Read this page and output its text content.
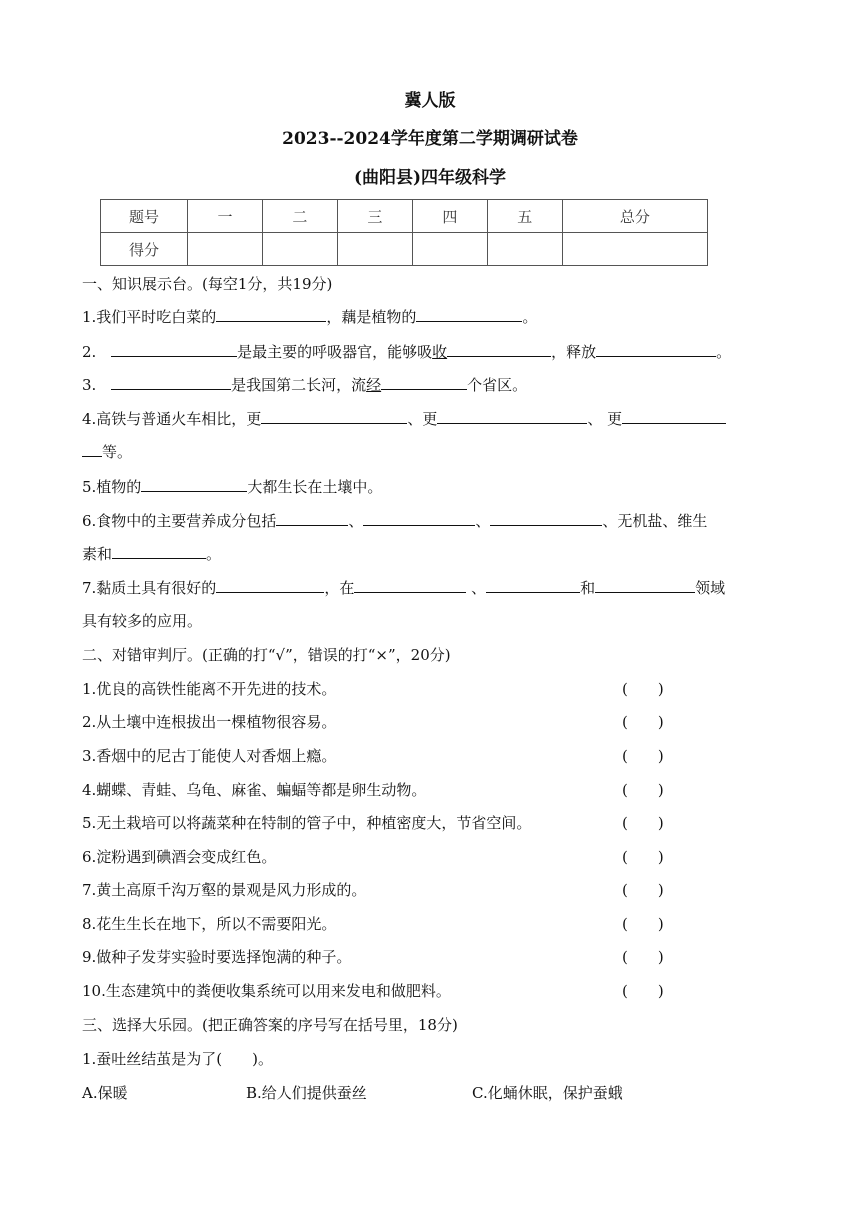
冀人版
2023--2024学年度第二学期调研试卷
(曲阳县)四年级科学
题号	一	二	三	四	五	总分
得分						
一、知识展示台。(每空1分，共19分)
1.我们平时吃白菜的	，藕是植物的	。
2.	是最主要的呼吸器官，能够吸收	，释放	。
3.	是我国第二长河，流经	个省区。
4.高铁与普通火车相比，更	、更	、 更
等。
5.植物的	大都生长在土壤中。
6.食物中的主要营养成分包括	、	、	、无机盐、维生
素和	。
7.黏质土具有很好的	，在	、	和	领域
具有较多的应用。
二、对错审判厅。(正确的打“√”，错误的打“×”，20分)
1.优良的高铁性能离不开先进的技术。	(　　)
2.从土壤中连根拔出一棵植物很容易。	(　　)
3.香烟中的尼古丁能使人对香烟上瘾。	(　　)
4.蝴蝶、青蛙、乌龟、麻雀、蝙蝠等都是卵生动物。	(　　)
5.无土栽培可以将蔬菜种在特制的管子中，种植密度大，节省空间。	(　　)
6.淀粉遇到碘酒会变成红色。	(　　)
7.黄土高原千沟万壑的景观是风力形成的。	(　　)
8.花生生长在地下，所以不需要阳光。	(　　)
9.做种子发芽实验时要选择饱满的种子。	(　　)
10.生态建筑中的粪便收集系统可以用来发电和做肥料。	(　　)
三、选择大乐园。(把正确答案的序号写在括号里，18分)
1.蚕吐丝结茧是为了(　　)。
A.保暖	B.给人们提供蚕丝	C.化蛹休眠，保护蚕蛾
